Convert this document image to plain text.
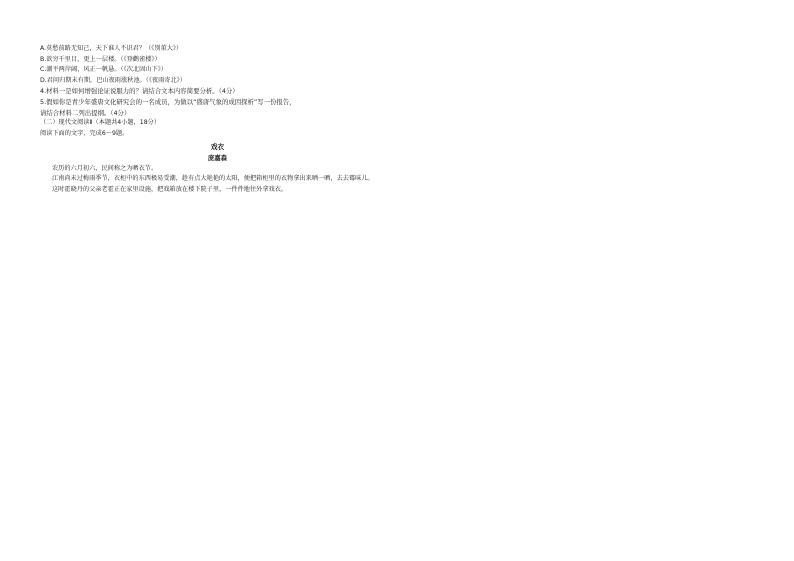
A.莫愁前路无知己，天下谁人不识君？（《别董大》）
B.欲穷千里目，更上一层楼。（《登鹳雀楼》）
C.潮平两岸阔，风正一帆悬。（《次北固山下》）
D.君问归期未有期，巴山夜雨涨秋池。（《夜雨寄北》）
4.材料一是如何增强论证说服力的？请结合文本内容简要分析。（4分）
5.假如你是青少年盛唐文化研究会的一名成员，为做以“盛唐气象的成因探析”写一份报告，
请结合材料二列出提纲。（4分）
（二）现代文阅读Ⅱ（本题共4小题，18分）
阅读下面的文字，完成6～9题。
戏衣
庞嘉森
农历的六月初六，民间称之为晒衣节。
江南尚未过梅雨季节，衣柜中的东西极易受潮，趁有点大艳艳的太阳，便把箱柜里的衣物拿出来晒一晒，去去霉味儿。
这时霍晓丹的父亲老霍正在家里设施，把戏箱放在楼下院子里，一件件地往外拿戏衣。
